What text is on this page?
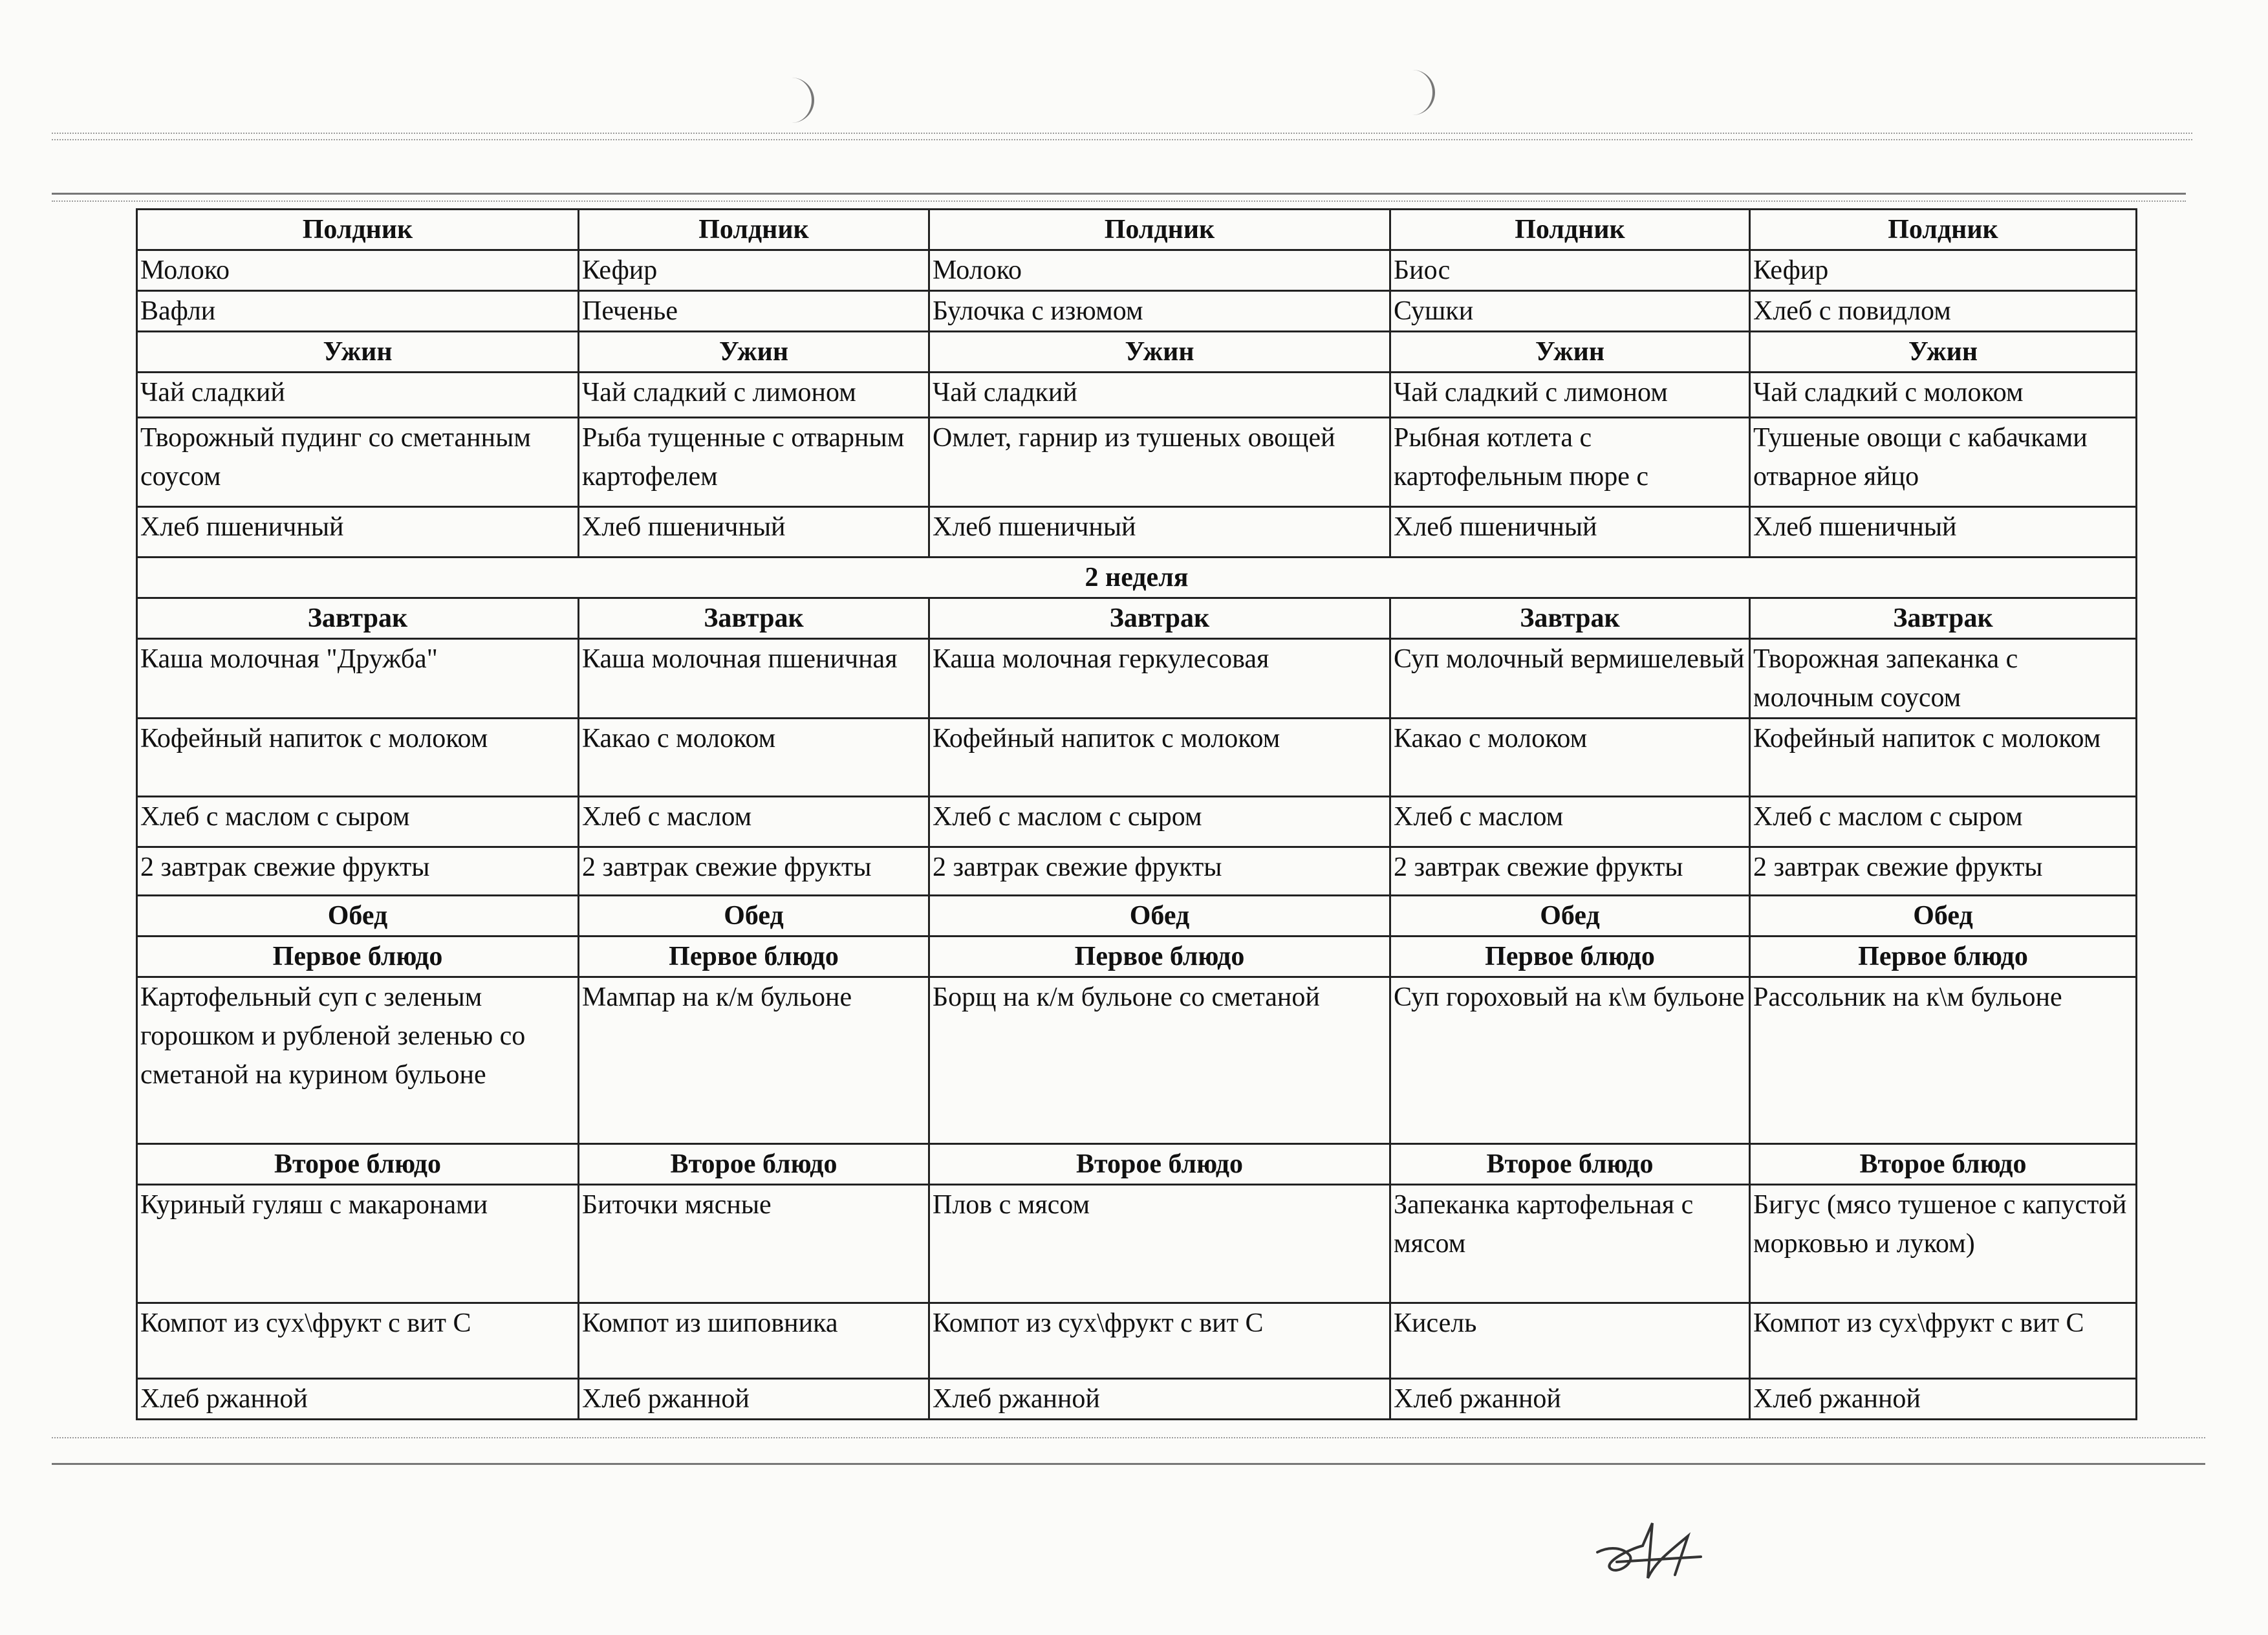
Полдник	Полдник	Полдник	Полдник	Полдник
Молоко	Кефир	Молоко	Биос	Кефир
Вафли	Печенье	Булочка с изюмом	Сушки	Хлеб с повидлом
Ужин	Ужин	Ужин	Ужин	Ужин
Чай сладкий	Чай сладкий с лимоном	Чай сладкий	Чай сладкий с лимоном	Чай сладкий с молоком
Творожный пудинг со сметанным соусом	Рыба тущенные с отварным картофелем	Омлет, гарнир из тушеных овощей	Рыбная котлета с картофельным пюре с	Тушеные овощи с кабачками отварное яйцо
Хлеб пшеничный	Хлеб пшеничный	Хлеб пшеничный	Хлеб пшеничный	Хлеб пшеничный
2 неделя				
Завтрак	Завтрак	Завтрак	Завтрак	Завтрак
Каша молочная "Дружба"	Каша молочная пшеничная	Каша молочная геркулесовая	Суп молочный вермишелевый	Творожная запеканка с молочным соусом
Кофейный напиток с молоком	Какао с молоком	Кофейный напиток с молоком	Какао с молоком	Кофейный напиток с молоком
Хлеб с маслом с сыром	Хлеб с маслом	Хлеб с маслом с сыром	Хлеб с маслом	Хлеб с маслом с сыром
2 завтрак свежие фрукты	2 завтрак свежие фрукты	2 завтрак свежие фрукты	2 завтрак свежие фрукты	2 завтрак свежие фрукты
Обед	Обед	Обед	Обед	Обед
Первое блюдо	Первое блюдо	Первое блюдо	Первое блюдо	Первое блюдо
Картофельный суп с зеленым горошком и рубленой зеленью со сметаной на курином бульоне	Мампар на к/м бульоне	Борщ на к/м бульоне со сметаной	Суп гороховый на к\м бульоне	Рассольник на к\м бульоне
Второе блюдо	Второе блюдо	Второе блюдо	Второе блюдо	Второе блюдо
Куриный гуляш с макаронами	Биточки мясные	Плов с мясом	Запеканка картофельная с мясом	Бигус (мясо тушеное с капустой морковью и луком)
Компот из сух\фрукт с вит С	Компот из шиповника	Компот из сух\фрукт с вит С	Кисель	Компот из сух\фрукт с вит С
Хлеб ржанной	Хлеб ржанной	Хлеб ржанной	Хлеб ржанной	Хлеб ржанной
